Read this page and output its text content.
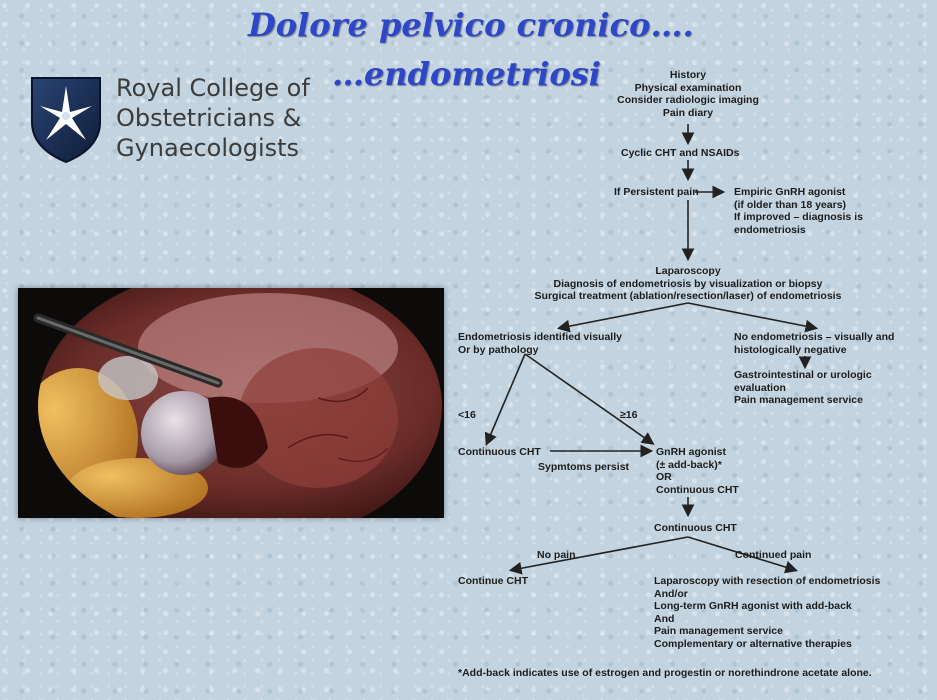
Dolore pelvico cronico….
…endometriosi
Royal College of
Obstetricians &
Gynaecologists
History
Physical examination
Consider radiologic imaging
Pain diary
Cyclic CHT and NSAIDs
If Persistent pain	Empiric GnRH agonist
(if older than 18 years)
If improved – diagnosis is
endometriosis
Laparoscopy
Diagnosis of endometriosis by visualization or biopsy
Surgical treatment (ablation/resection/laser) of endometriosis
Endometriosis identified visually
Or by pathology
No endometriosis – visually and
histologically negative
Gastrointestinal or urologic
evaluation
Pain management service
<16	≥16
Continuous CHT
Sypmtoms persist
GnRH agonist
(± add-back)*
OR
Continuous CHT
Continuous CHT
No pain	Continued pain
Continue CHT	Laparoscopy with resection of endometriosis
And/or
Long-term GnRH agonist with add-back
And
Pain management service
Complementary or alternative therapies
*Add-back indicates use of estrogen and progestin or norethindrone acetate alone.
